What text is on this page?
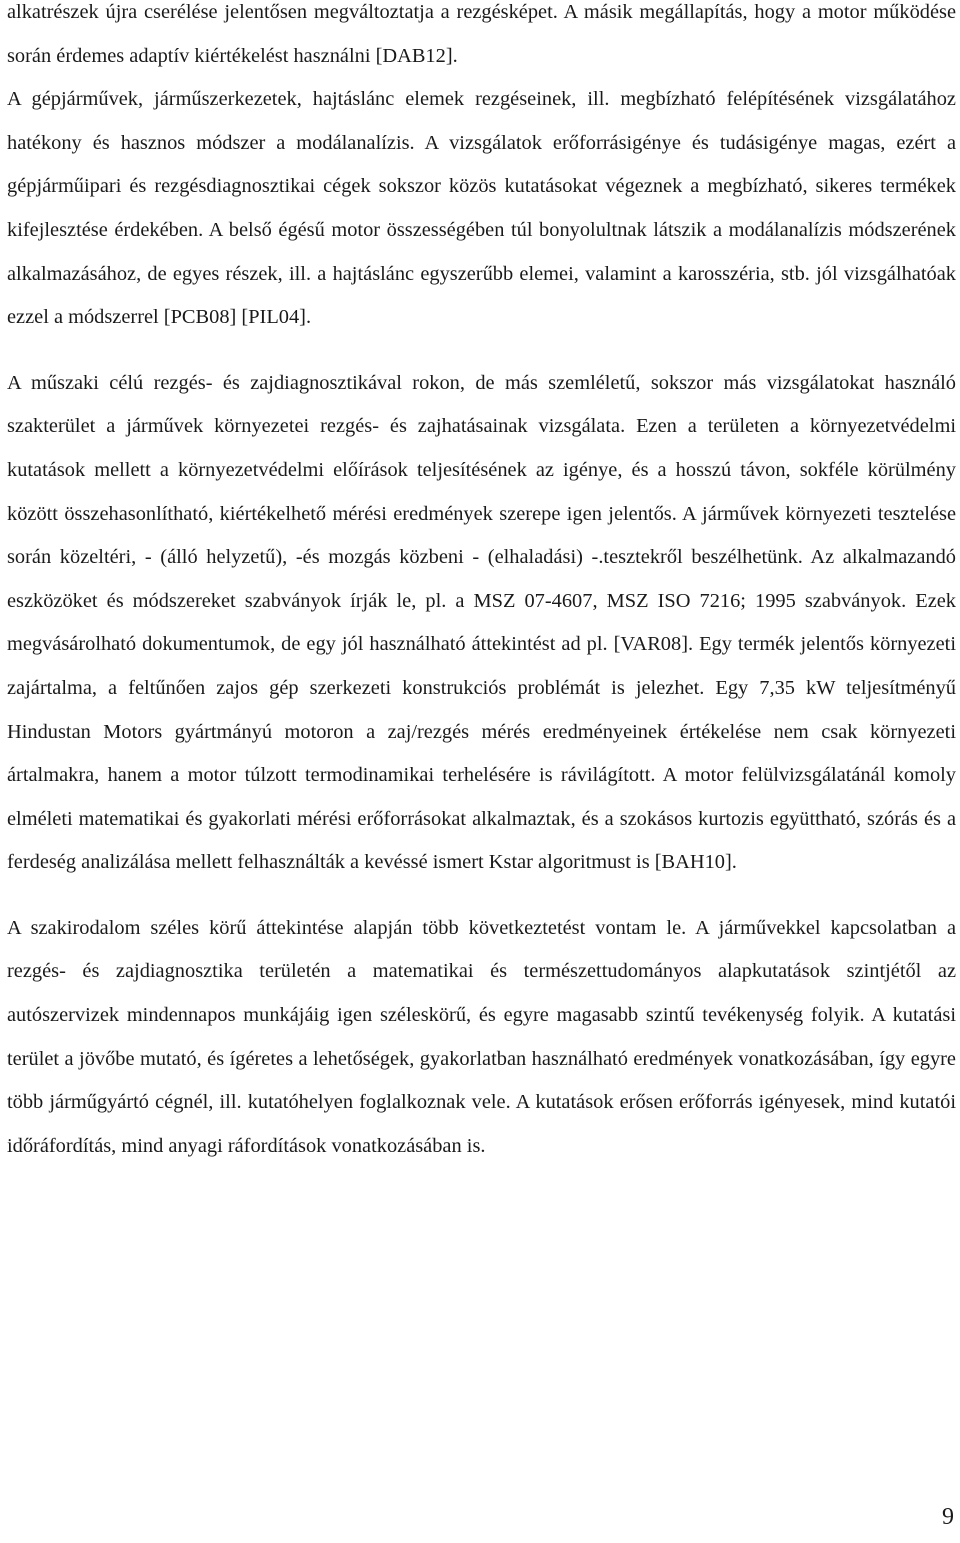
alkatrészek újra cserélése jelentősen megváltoztatja a rezgésképet. A másik megállapítás, hogy a motor működése során érdemes adaptív kiértékelést használni [DAB12].

A gépjárművek, járműszerkezetek, hajtáslánc elemek rezgéseinek, ill. megbízható felépítésének vizsgálatához hatékony és hasznos módszer a modálanalízis. A vizsgálatok erőforrásigénye és tudásigénye magas, ezért a gépjárműipari és rezgésdiagnosztikai cégek sokszor közös kutatásokat végeznek a megbízható, sikeres termékek kifejlesztése érdekében. A belső égésű motor összességében túl bonyolultnak látszik a modálanalízis módszerének alkalmazásához, de egyes részek, ill. a hajtáslánc egyszerűbb elemei, valamint a karosszéria, stb. jól vizsgálhatóak ezzel a módszerrel [PCB08] [PIL04].

A műszaki célú rezgés- és zajdiagnosztikával rokon, de más szemléletű, sokszor más vizsgálatokat használó szakterület a járművek környezetei rezgés- és zajhatásainak vizsgálata. Ezen a területen a környezetvédelmi kutatások mellett a környezetvédelmi előírások teljesítésének az igénye, és a hosszú távon, sokféle körülmény között összehasonlítható, kiértékelhető mérési eredmények szerepe igen jelentős. A járművek környezeti tesztelése során közeltéri, - (álló helyzetű), -és mozgás közbeni - (elhaladási) -.tesztekről beszélhetünk. Az alkalmazandó eszközöket és módszereket szabványok írják le, pl. a MSZ 07-4607, MSZ ISO 7216; 1995 szabványok. Ezek megvásárolható dokumentumok, de egy jól használható áttekintést ad pl. [VAR08]. Egy termék jelentős környezeti zajártalma, a feltűnően zajos gép szerkezeti konstrukciós problémát is jelezhet. Egy 7,35 kW teljesítményű Hindustan Motors gyártmányú motoron a zaj/rezgés mérés eredményeinek értékelése nem csak környezeti ártalmakra, hanem a motor túlzott termodinamikai terhelésére is rávilágított. A motor felülvizsgálatánál komoly elméleti matematikai és gyakorlati mérési erőforrásokat alkalmaztak, és a szokásos kurtozis együttható, szórás és a ferdeség analizálása mellett felhasználták a kevéssé ismert Kstar algoritmust is [BAH10].

A szakirodalom széles körű áttekintése alapján több következtetést vontam le. A járművekkel kapcsolatban a rezgés- és zajdiagnosztika területén a matematikai és természettudományos alapkutatások szintjétől az autószervizek mindennapos munkájáig igen széleskörű, és egyre magasabb szintű tevékenység folyik. A kutatási terület a jövőbe mutató, és ígéretes a lehetőségek, gyakorlatban használható eredmények vonatkozásában, így egyre több járműgyártó cégnél, ill. kutatóhelyen foglalkoznak vele. A kutatások erősen erőforrás igényesek, mind kutatói időráfordítás, mind anyagi ráfordítások vonatkozásában is.

9
